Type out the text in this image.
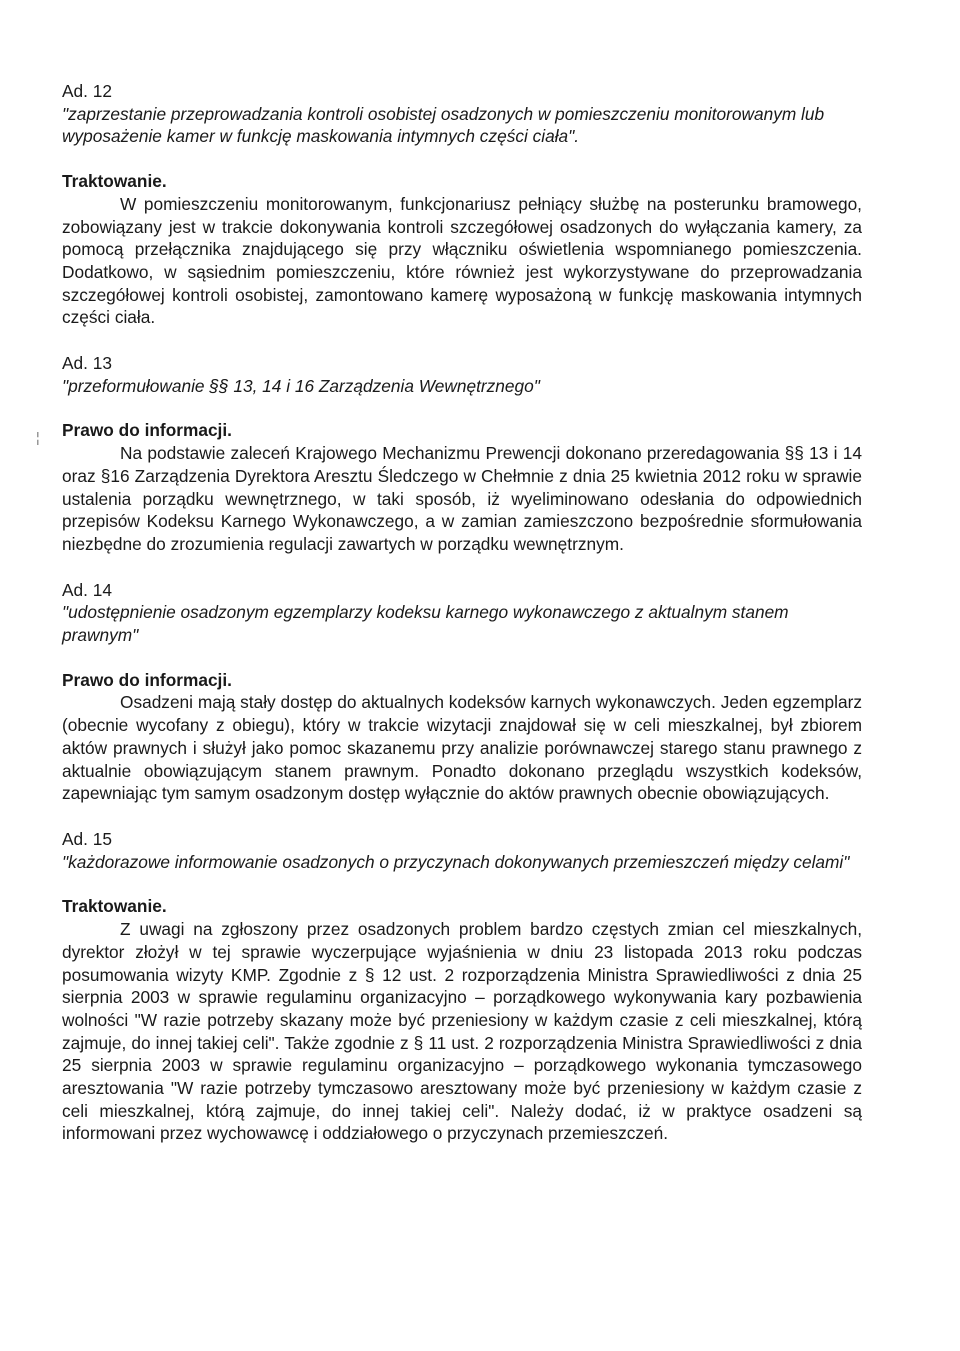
¦
Ad. 12
"zaprzestanie przeprowadzania kontroli osobistej osadzonych w pomieszczeniu monitorowanym lub wyposażenie kamer w funkcję maskowania intymnych części ciała".
Traktowanie.
W pomieszczeniu monitorowanym, funkcjonariusz pełniący służbę na posterunku bramowego, zobowiązany jest w trakcie dokonywania kontroli szczegółowej osadzonych do wyłączania kamery, za pomocą przełącznika znajdującego się przy włączniku oświetlenia wspomnianego pomieszczenia. Dodatkowo, w sąsiednim pomieszczeniu, które również jest wykorzystywane do przeprowadzania szczegółowej kontroli osobistej, zamontowano kamerę wyposażoną w funkcję maskowania intymnych części ciała.
Ad. 13
"przeformułowanie §§ 13, 14 i 16 Zarządzenia Wewnętrznego"
Prawo do informacji.
Na podstawie zaleceń Krajowego Mechanizmu Prewencji dokonano przeredagowania §§ 13 i 14 oraz §16 Zarządzenia Dyrektora Aresztu Śledczego w Chełmnie z dnia 25 kwietnia 2012 roku w sprawie ustalenia porządku wewnętrznego, w taki sposób, iż wyeliminowano odesłania do odpowiednich przepisów Kodeksu Karnego Wykonawczego, a w zamian zamieszczono bezpośrednie sformułowania niezbędne do zrozumienia regulacji zawartych w porządku wewnętrznym.
Ad. 14
"udostępnienie osadzonym egzemplarzy kodeksu karnego wykonawczego z aktualnym stanem prawnym"
Prawo do informacji.
Osadzeni mają stały dostęp do aktualnych kodeksów karnych wykonawczych. Jeden egzemplarz (obecnie wycofany z obiegu), który w trakcie wizytacji znajdował się w celi mieszkalnej, był zbiorem aktów prawnych i służył jako pomoc skazanemu przy analizie porównawczej starego stanu prawnego z aktualnie obowiązującym stanem prawnym. Ponadto dokonano przeglądu wszystkich kodeksów, zapewniając tym samym osadzonym dostęp wyłącznie do aktów prawnych obecnie obowiązujących.
Ad. 15
"każdorazowe informowanie osadzonych o przyczynach dokonywanych przemieszczeń między celami"
Traktowanie.
Z uwagi na zgłoszony przez osadzonych problem bardzo częstych zmian cel mieszkalnych, dyrektor złożył w tej sprawie wyczerpujące wyjaśnienia w dniu 23 listopada 2013 roku podczas posumowania wizyty KMP. Zgodnie z § 12 ust. 2 rozporządzenia Ministra Sprawiedliwości z dnia 25 sierpnia 2003 w sprawie regulaminu organizacyjno – porządkowego wykonywania kary pozbawienia wolności "W razie potrzeby skazany może być przeniesiony w każdym czasie z celi mieszkalnej, którą zajmuje, do innej takiej celi". Także zgodnie z § 11 ust. 2 rozporządzenia Ministra Sprawiedliwości z dnia 25 sierpnia 2003 w sprawie regulaminu organizacyjno – porządkowego wykonania tymczasowego aresztowania "W razie potrzeby tymczasowo aresztowany może być przeniesiony w każdym czasie z celi mieszkalnej, którą zajmuje, do innej takiej celi". Należy dodać, iż w praktyce osadzeni są informowani przez wychowawcę i oddziałowego o przyczynach przemieszczeń.
